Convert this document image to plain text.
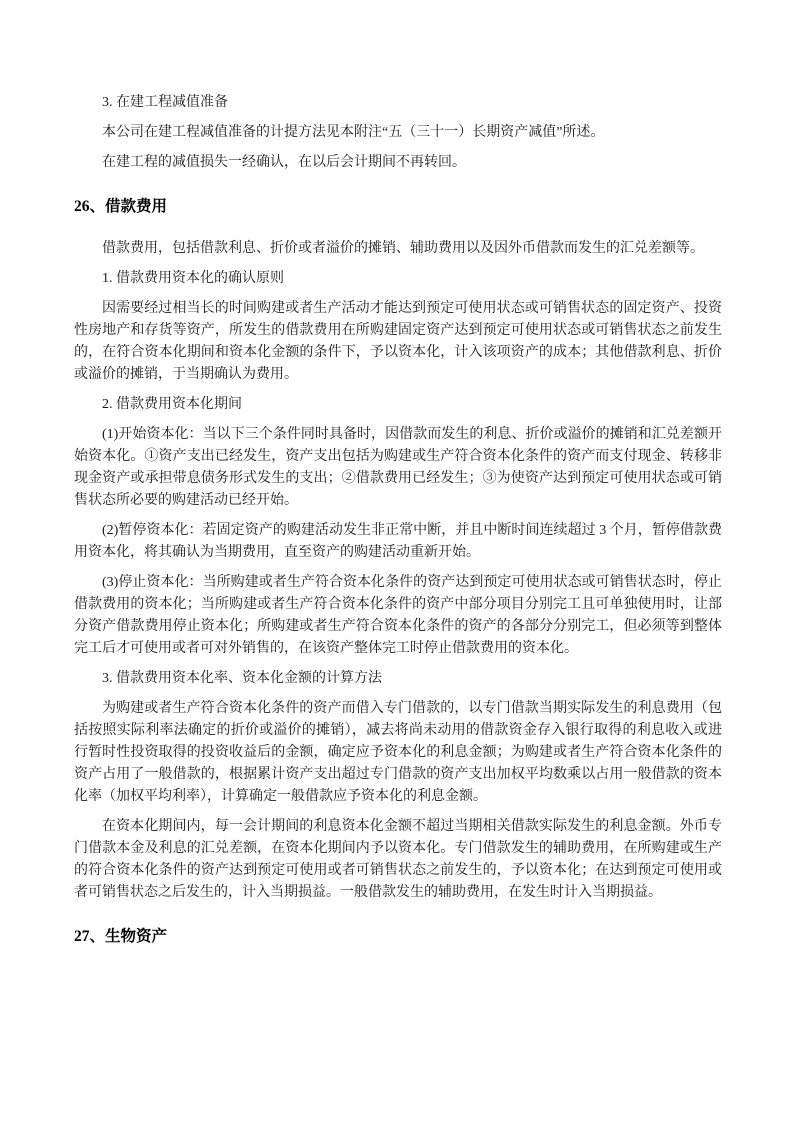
3. 在建工程减值准备

本公司在建工程减值准备的计提方法见本附注“五（三十一）长期资产减值”所述。

在建工程的减值损失一经确认，在以后会计期间不再转回。

26、借款费用

借款费用，包括借款利息、折价或者溢价的摊销、辅助费用以及因外币借款而发生的汇兑差额等。

1. 借款费用资本化的确认原则

因需要经过相当长的时间购建或者生产活动才能达到预定可使用状态或可销售状态的固定资产、投资性房地产和存货等资产，所发生的借款费用在所购建固定资产达到预定可使用状态或可销售状态之前发生的，在符合资本化期间和资本化金额的条件下，予以资本化，计入该项资产的成本；其他借款利息、折价或溢价的摊销，于当期确认为费用。

2. 借款费用资本化期间

(1)开始资本化：当以下三个条件同时具备时，因借款而发生的利息、折价或溢价的摊销和汇兑差额开始资本化。①资产支出已经发生，资产支出包括为购建或生产符合资本化条件的资产而支付现金、转移非现金资产或承担带息债务形式发生的支出；②借款费用已经发生；③为使资产达到预定可使用状态或可销售状态所必要的购建活动已经开始。

(2)暂停资本化：若固定资产的购建活动发生非正常中断，并且中断时间连续超过 3 个月，暂停借款费用资本化，将其确认为当期费用，直至资产的购建活动重新开始。

(3)停止资本化：当所购建或者生产符合资本化条件的资产达到预定可使用状态或可销售状态时，停止借款费用的资本化；当所购建或者生产符合资本化条件的资产中部分项目分别完工且可单独使用时，让部分资产借款费用停止资本化；所购建或者生产符合资本化条件的资产的各部分分别完工，但必须等到整体完工后才可使用或者可对外销售的，在该资产整体完工时停止借款费用的资本化。

3. 借款费用资本化率、资本化金额的计算方法

为购建或者生产符合资本化条件的资产而借入专门借款的，以专门借款当期实际发生的利息费用（包括按照实际利率法确定的折价或溢价的摊销），减去将尚未动用的借款资金存入银行取得的利息收入或进行暂时性投资取得的投资收益后的金额，确定应予资本化的利息金额；为购建或者生产符合资本化条件的资产占用了一般借款的，根据累计资产支出超过专门借款的资产支出加权平均数乘以占用一般借款的资本化率（加权平均利率），计算确定一般借款应予资本化的利息金额。

在资本化期间内，每一会计期间的利息资本化金额不超过当期相关借款实际发生的利息金额。外币专门借款本金及利息的汇兑差额，在资本化期间内予以资本化。专门借款发生的辅助费用，在所购建或生产的符合资本化条件的资产达到预定可使用或者可销售状态之前发生的，予以资本化；在达到预定可使用或者可销售状态之后发生的，计入当期损益。一般借款发生的辅助费用，在发生时计入当期损益。

27、生物资产
